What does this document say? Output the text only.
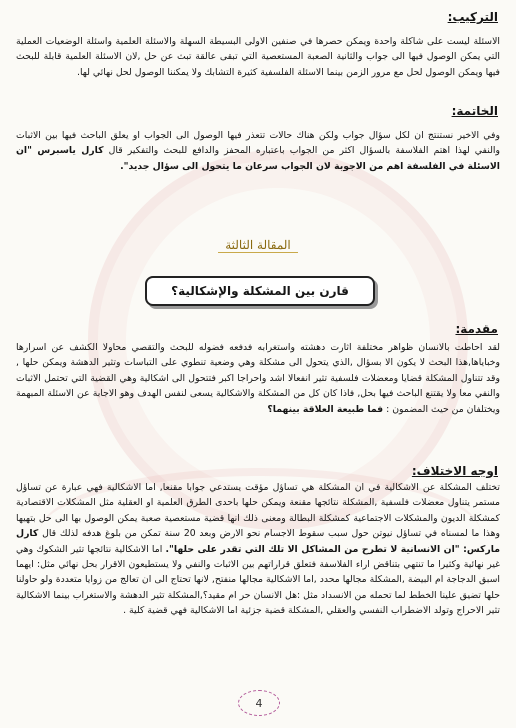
التركيب:
الاسئلة ليست على شاكلة واحدة ويمكن حصرها في صنفين الاولى البسيطة السهلة والاسئلة العلمية واسئلة الوضعيات العملية التي يمكن الوصول فيها الى جواب والثانية الصعبة المستعصية التي تبقى عالقة تبث عن حل ,لان الاسئلة العلمية قابلة للبحث فيها ويمكن الوصول لحل مع مرور الزمن بينما الاسئلة الفلسفية كثيرة التشابك ولا يمكننا الوصول لحل نهائي لها.
الخاتمة:
وفي الاخير نستنتج ان لكل سؤال جواب ولكن هناك حالات تتعذر فيها الوصول الى الجواب او يعلق الباحث فيها بين الاثبات والنفي لهذا اهتم الفلاسفة بالسؤال اكثر من الجواب باعتباره المحفز والدافع للبحث والتفكير قال كارل ياسبرس "ان الاسئلة في الفلسفة اهم من الاجوبة لان الجواب سرعان ما يتحول الى سؤال جديد".
المقالة الثالثة
قارن بين المشكلة والإشكالية؟
مقدمة:
لقد احاطت بالانسان ظواهر مختلفة اثارت دهشته واستغرابه فدفعه فضوله للبحث والتقصي محاولا الكشف عن اسرارها وخباياها,هذا البحث لا يكون الا بسؤال ,الذي يتحول الى مشكلة وهي وضعية تنطوي على التباسات وتثير الدهشة ويمكن حلها , وقد تتناول المشكلة قضايا ومعضلات فلسفية تثير انفعالا اشد واحراجا اكبر فتتحول الى اشكالية وهي القضية التي تحتمل الاثبات والنفي معا ولا يقتنع الباحث فيها بحل, فاذا كان كل من المشكلة والاشكالية يسعى لنفس الهدف وهو الاجابة عن الاسئلة المبهمة ويختلفان من حيث المضمون : فما طبيعة العلاقة بينهما؟
اوجه الاختلاف:
تختلف المشكلة عن الاشكالية في ان المشكلة هي تساؤل مؤقت يستدعي جوابا مقنعا, اما الاشكالية فهي عبارة عن تساؤل مستمر يتناول معضلات فلسفية ,المشكلة نتائجها مقنعة ويمكن حلها باحدى الطرق العلمية او العقلية مثل المشكلات الاقتصادية كمشكلة الديون والمشكلات الاجتماعية كمشكلة البطالة ومعنى ذلك انها قضية مستعصية صعبة يمكن الوصول بها الى حل بتهيها وهذا ما لمسناه في تساؤل نيوتن حول سبب سقوط الاجسام نحو الارض وبعد 20 سنة تمكن من بلوغ هدفه لذلك قال كارل ماركس: "ان الانسانية لا تطرح من المشاكل الا تلك التي تقدر على حلها". اما الاشكالية نتائجها تثير الشكوك وهي غير نهائية وكثيرا ما تنتهي بتناقض اراء الفلاسفة فتعلق قراراتهم بين الاثبات والنفي ولا يستطيعون الاقرار بحل نهائي مثل: ايهما اسبق الدجاجة ام البيضة ,المشكلة مجالها محدد ,اما الاشكالية مجالها منفتح, لانها تحتاج الى ان تعالج من زوايا متعددة ولو حاولنا حلها تضيق علينا الخطط لما تحمله من الانسداد مثل :هل الانسان حر ام مقيد؟,المشكلة تثير الدهشة والاستغراب بينما الاشكالية تثير الاحراج وتولد الاضطراب النفسي والعقلي ,المشكلة قضية جزئية اما الاشكالية فهي قضية كلية .
4
